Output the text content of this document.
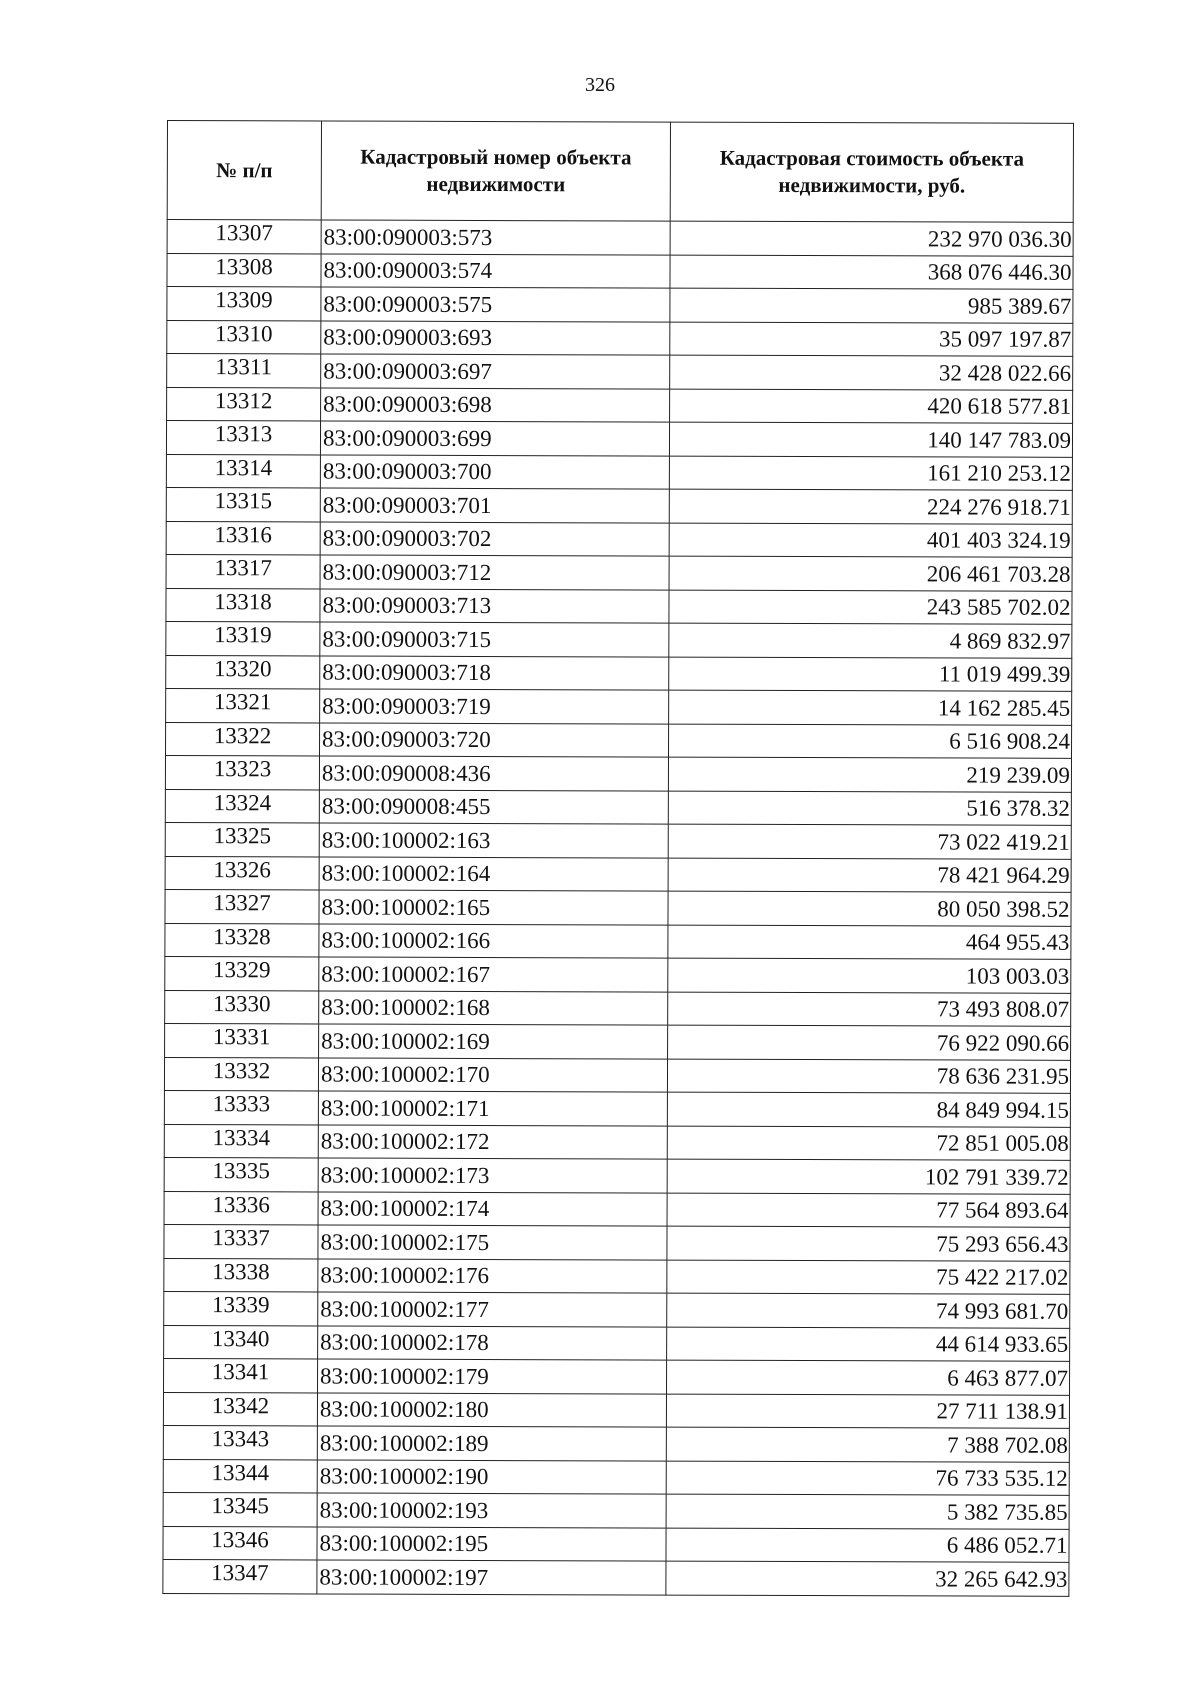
326
№ п/п	Кадастровый номер объекта недвижимости	Кадастровая стоимость объекта недвижимости, руб.
13307	83:00:090003:573	232 970 036.30
13308	83:00:090003:574	368 076 446.30
13309	83:00:090003:575	985 389.67
13310	83:00:090003:693	35 097 197.87
13311	83:00:090003:697	32 428 022.66
13312	83:00:090003:698	420 618 577.81
13313	83:00:090003:699	140 147 783.09
13314	83:00:090003:700	161 210 253.12
13315	83:00:090003:701	224 276 918.71
13316	83:00:090003:702	401 403 324.19
13317	83:00:090003:712	206 461 703.28
13318	83:00:090003:713	243 585 702.02
13319	83:00:090003:715	4 869 832.97
13320	83:00:090003:718	11 019 499.39
13321	83:00:090003:719	14 162 285.45
13322	83:00:090003:720	6 516 908.24
13323	83:00:090008:436	219 239.09
13324	83:00:090008:455	516 378.32
13325	83:00:100002:163	73 022 419.21
13326	83:00:100002:164	78 421 964.29
13327	83:00:100002:165	80 050 398.52
13328	83:00:100002:166	464 955.43
13329	83:00:100002:167	103 003.03
13330	83:00:100002:168	73 493 808.07
13331	83:00:100002:169	76 922 090.66
13332	83:00:100002:170	78 636 231.95
13333	83:00:100002:171	84 849 994.15
13334	83:00:100002:172	72 851 005.08
13335	83:00:100002:173	102 791 339.72
13336	83:00:100002:174	77 564 893.64
13337	83:00:100002:175	75 293 656.43
13338	83:00:100002:176	75 422 217.02
13339	83:00:100002:177	74 993 681.70
13340	83:00:100002:178	44 614 933.65
13341	83:00:100002:179	6 463 877.07
13342	83:00:100002:180	27 711 138.91
13343	83:00:100002:189	7 388 702.08
13344	83:00:100002:190	76 733 535.12
13345	83:00:100002:193	5 382 735.85
13346	83:00:100002:195	6 486 052.71
13347	83:00:100002:197	32 265 642.93
